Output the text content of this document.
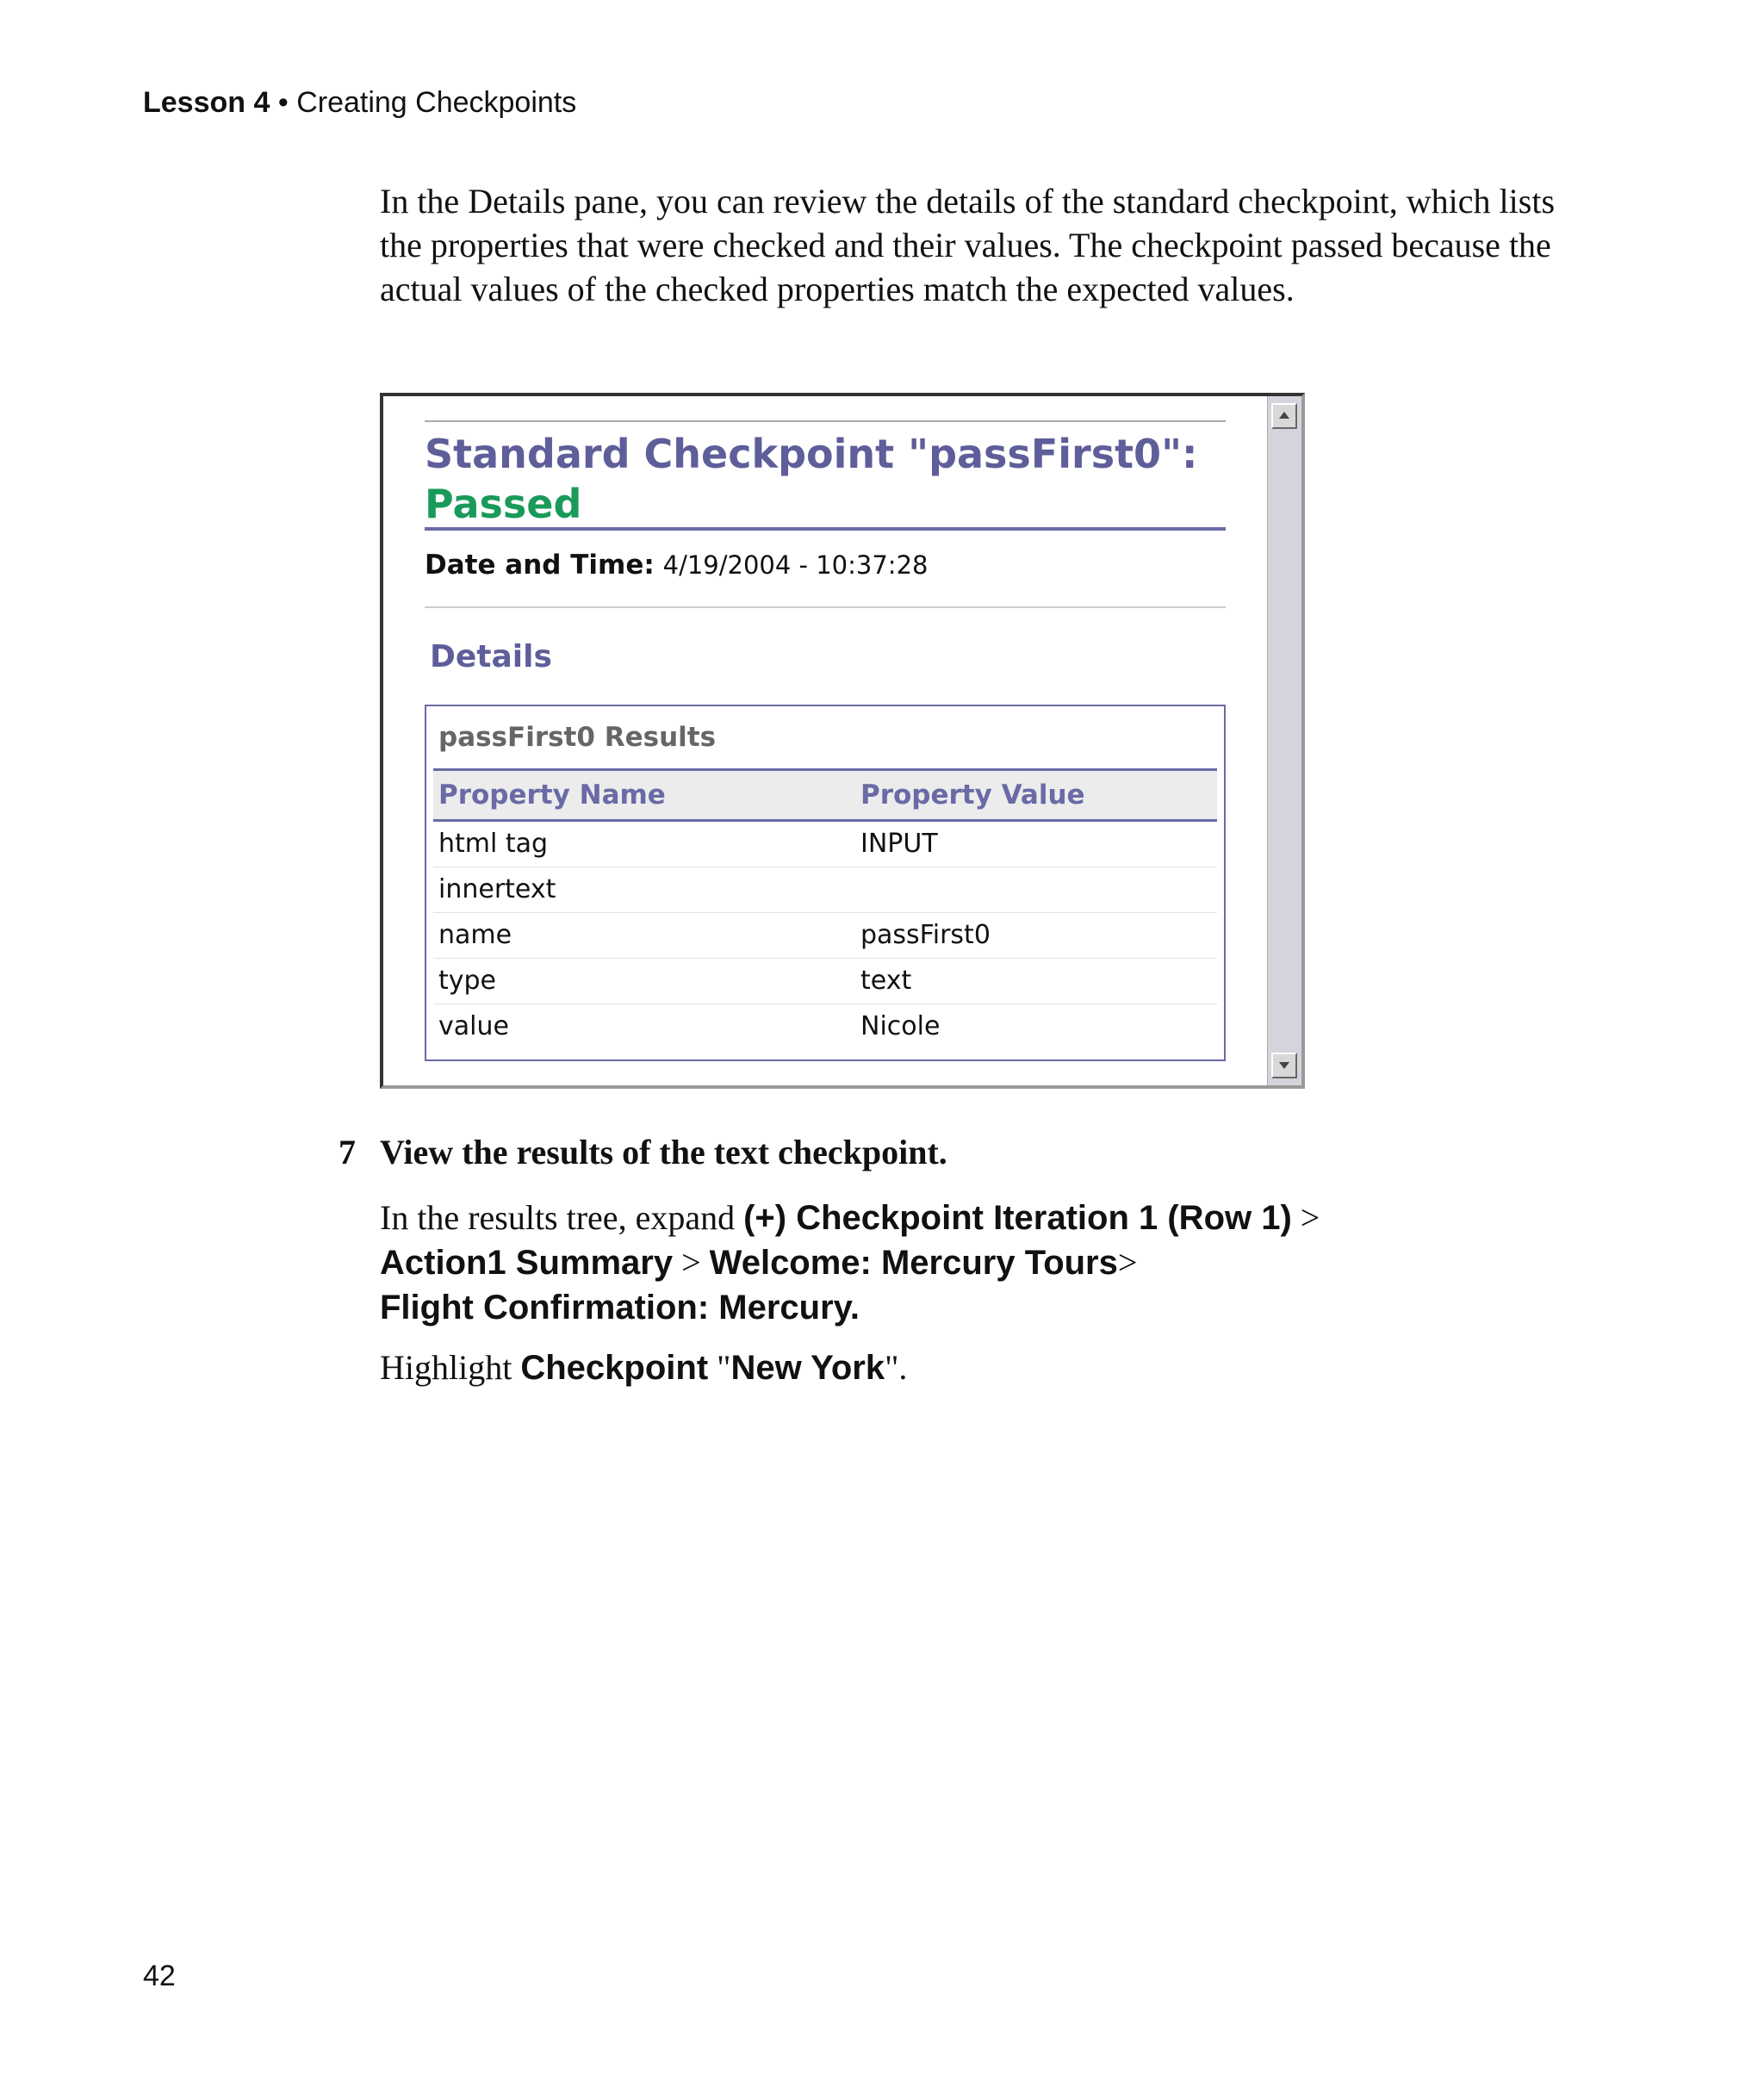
Lesson 4 • Creating Checkpoints
In the Details pane, you can review the details of the standard checkpoint, which lists the properties that were checked and their values. The checkpoint passed because the actual values of the checked properties match the expected values.
Standard Checkpoint "passFirst0":
Passed
Date and Time: 4/19/2004 - 10:37:28
Details
passFirst0 Results
Property Name	Property Value
html tag	INPUT
innertext
name	passFirst0
type	text
value	Nicole
7 View the results of the text checkpoint.
In the results tree, expand (+) Checkpoint Iteration 1 (Row 1) >
Action1 Summary > Welcome: Mercury Tours>
Flight Confirmation: Mercury.
Highlight Checkpoint "New York".
42
